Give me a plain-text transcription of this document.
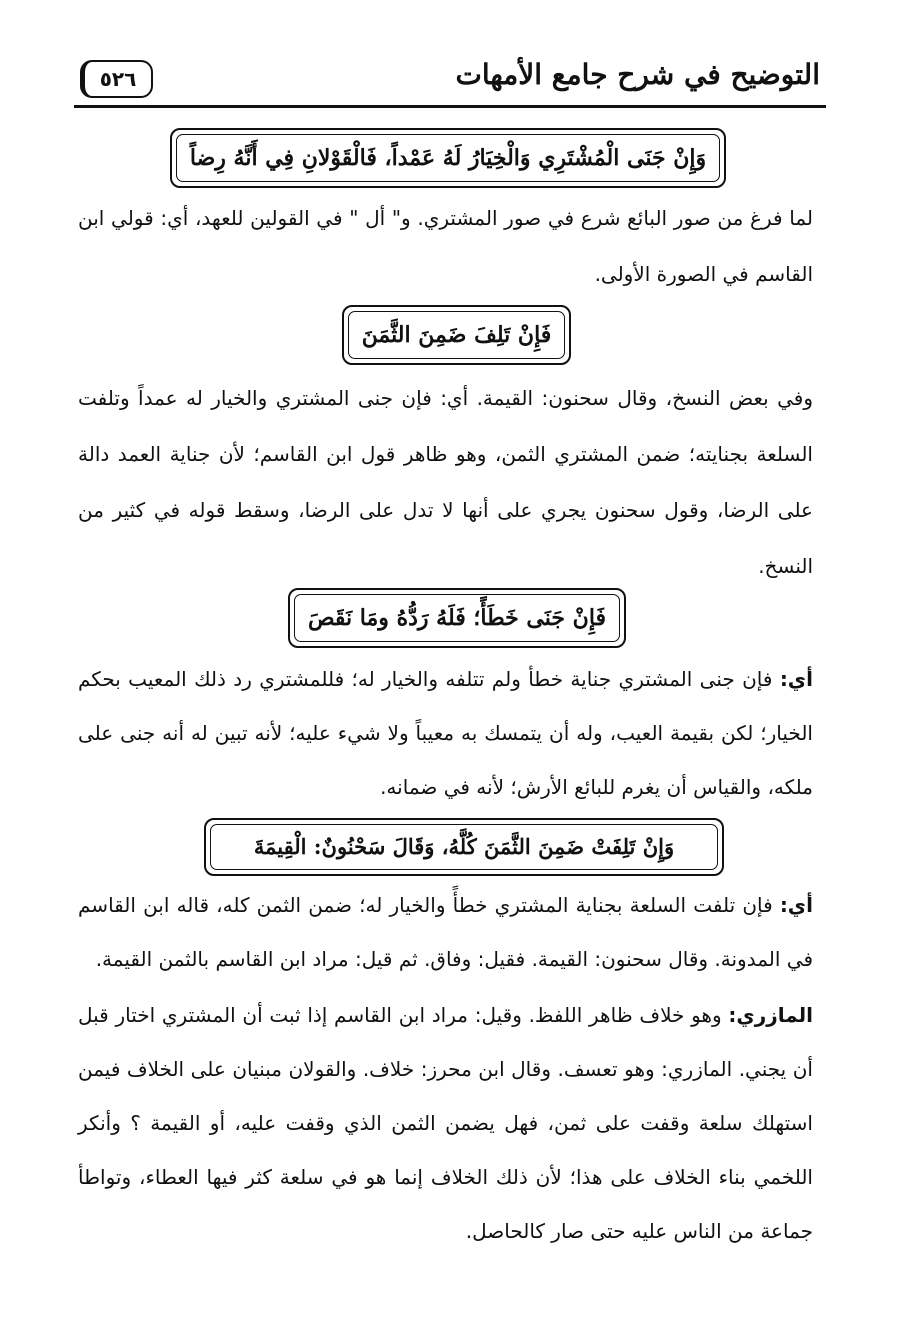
التوضيح في شرح جامع الأمهات
٥٢٦
وَإِنْ جَنَى الْمُشْتَرِي وَالْخِيَارُ لَهُ عَمْداً، فَالْقَوْلانِ فِي أَنَّهُ رِضاً

لما فرغ من صور البائع شرع في صور المشتري. و" أل " في القولين للعهد، أي: قولي ابن القاسم في الصورة الأولى.

فَإِنْ تَلِفَ ضَمِنَ الثَّمَنَ

وفي بعض النسخ، وقال سحنون: القيمة. أي: فإن جنى المشتري والخيار له عمداً وتلفت السلعة بجنايته؛ ضمن المشتري الثمن، وهو ظاهر قول ابن القاسم؛ لأن جناية العمد دالة على الرضا، وقول سحنون يجري على أنها لا تدل على الرضا، وسقط قوله في كثير من النسخ.

فَإِنْ جَنَى خَطَأً؛ فَلَهُ رَدُّهُ ومَا نَقَصَ

أي: فإن جنى المشتري جناية خطأ ولم تتلفه والخيار له؛ فللمشتري رد ذلك المعيب بحكم الخيار؛ لكن بقيمة العيب، وله أن يتمسك به معيباً ولا شيء عليه؛ لأنه تبين له أنه جنى على ملكه، والقياس أن يغرم للبائع الأرش؛ لأنه في ضمانه.

وَإِنْ تَلِفَتْ ضَمِنَ الثَّمَنَ كُلَّهُ، وَقَالَ سَحْنُونٌ: الْقِيمَةَ

أي: فإن تلفت السلعة بجناية المشتري خطأً والخيار له؛ ضمن الثمن كله، قاله ابن القاسم في المدونة. وقال سحنون: القيمة. فقيل: وفاق. ثم قيل: مراد ابن القاسم بالثمن القيمة.

المازري: وهو خلاف ظاهر اللفظ. وقيل: مراد ابن القاسم إذا ثبت أن المشتري اختار قبل أن يجني. المازري: وهو تعسف. وقال ابن محرز: خلاف. والقولان مبنيان على الخلاف فيمن استهلك سلعة وقفت على ثمن، فهل يضمن الثمن الذي وقفت عليه، أو القيمة ؟ وأنكر اللخمي بناء الخلاف على هذا؛ لأن ذلك الخلاف إنما هو في سلعة كثر فيها العطاء، وتواطأ جماعة من الناس عليه حتى صار كالحاصل.
